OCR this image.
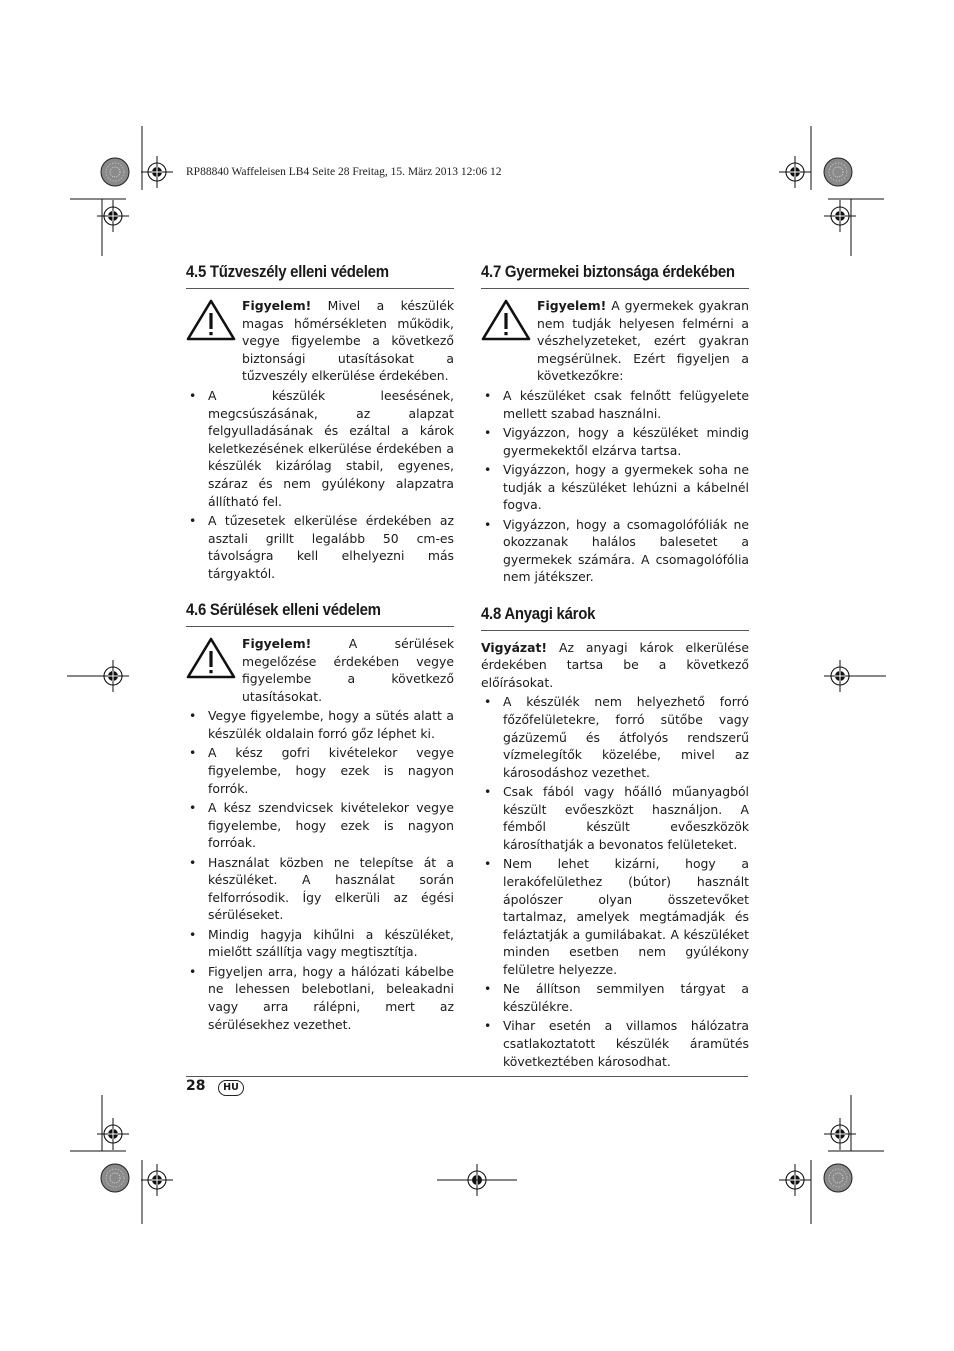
RP88840 Waffeleisen LB4 Seite 28 Freitag, 15. März 2013 12:06 12
4.5 Tűzveszély elleni védelem
Figyelem! Mivel a készülék magas hőmérsékleten működik, vegye figyelembe a következő biztonsági utasításokat a tűzveszély elkerülése érdekében.
• A készülék leesésének, megcsúszásának, az alapzat felgyulladásának és ezáltal a károk keletkezésének elkerülése érdekében a készülék kizárólag stabil, egyenes, száraz és nem gyúlékony alapzatra állítható fel.
• A tűzesetek elkerülése érdekében az asztali grillt legalább 50 cm-es távolságra kell elhelyezni más tárgyaktól.
4.6 Sérülések elleni védelem
Figyelem! A sérülések megelőzése érdekében vegye figyelembe a következő utasításokat.
• Vegye figyelembe, hogy a sütés alatt a készülék oldalain forró gőz léphet ki.
• A kész gofri kivételekor vegye figyelembe, hogy ezek is nagyon forrók.
• A kész szendvicsek kivételekor vegye figyelembe, hogy ezek is nagyon forróak.
• Használat közben ne telepítse át a készüléket. A használat során felforrósodik. Így elkerüli az égési sérüléseket.
• Mindig hagyja kihűlni a készüléket, mielőtt szállítja vagy megtisztítja.
• Figyeljen arra, hogy a hálózati kábelbe ne lehessen belebotlani, beleakadni vagy arra rálépni, mert az sérülésekhez vezethet.
4.7 Gyermekei biztonsága érdekében
Figyelem! A gyermekek gyakran nem tudják helyesen felmérni a vészhelyzeteket, ezért gyakran megsérülnek. Ezért figyeljen a következőkre:
• A készüléket csak felnőtt felügyelete mellett szabad használni.
• Vigyázzon, hogy a készüléket mindig gyermekektől elzárva tartsa.
• Vigyázzon, hogy a gyermekek soha ne tudják a készüléket lehúzni a kábelnél fogva.
• Vigyázzon, hogy a csomagolófóliák ne okozzanak halálos balesetet a gyermekek számára. A csomagolófólia nem játékszer.
4.8 Anyagi károk

Vigyázat! Az anyagi károk elkerülése érdekében tartsa be a következő előírásokat.

• A készülék nem helyezhető forró főzőfelületekre, forró sütőbe vagy gázüzemű és átfolyós rendszerű vízmelegítők közelébe, mivel az károsodáshoz vezethet.
• Csak fából vagy hőálló műanyagból készült evőeszközt használjon. A fémből készült evőeszközök károsíthatják a bevonatos felületeket.
• Nem lehet kizárni, hogy a lerakófelülethez (bútor) használt ápolószer olyan összetevőket tartalmaz, amelyek megtámadják és feláztatják a gumilábakat. A készüléket minden esetben nem gyúlékony felületre helyezze.
• Ne állítson semmilyen tárgyat a készülékre.
• Vihar esetén a villamos hálózatra csatlakoztatott készülék áramütés következtében károsodhat.
28	HU
